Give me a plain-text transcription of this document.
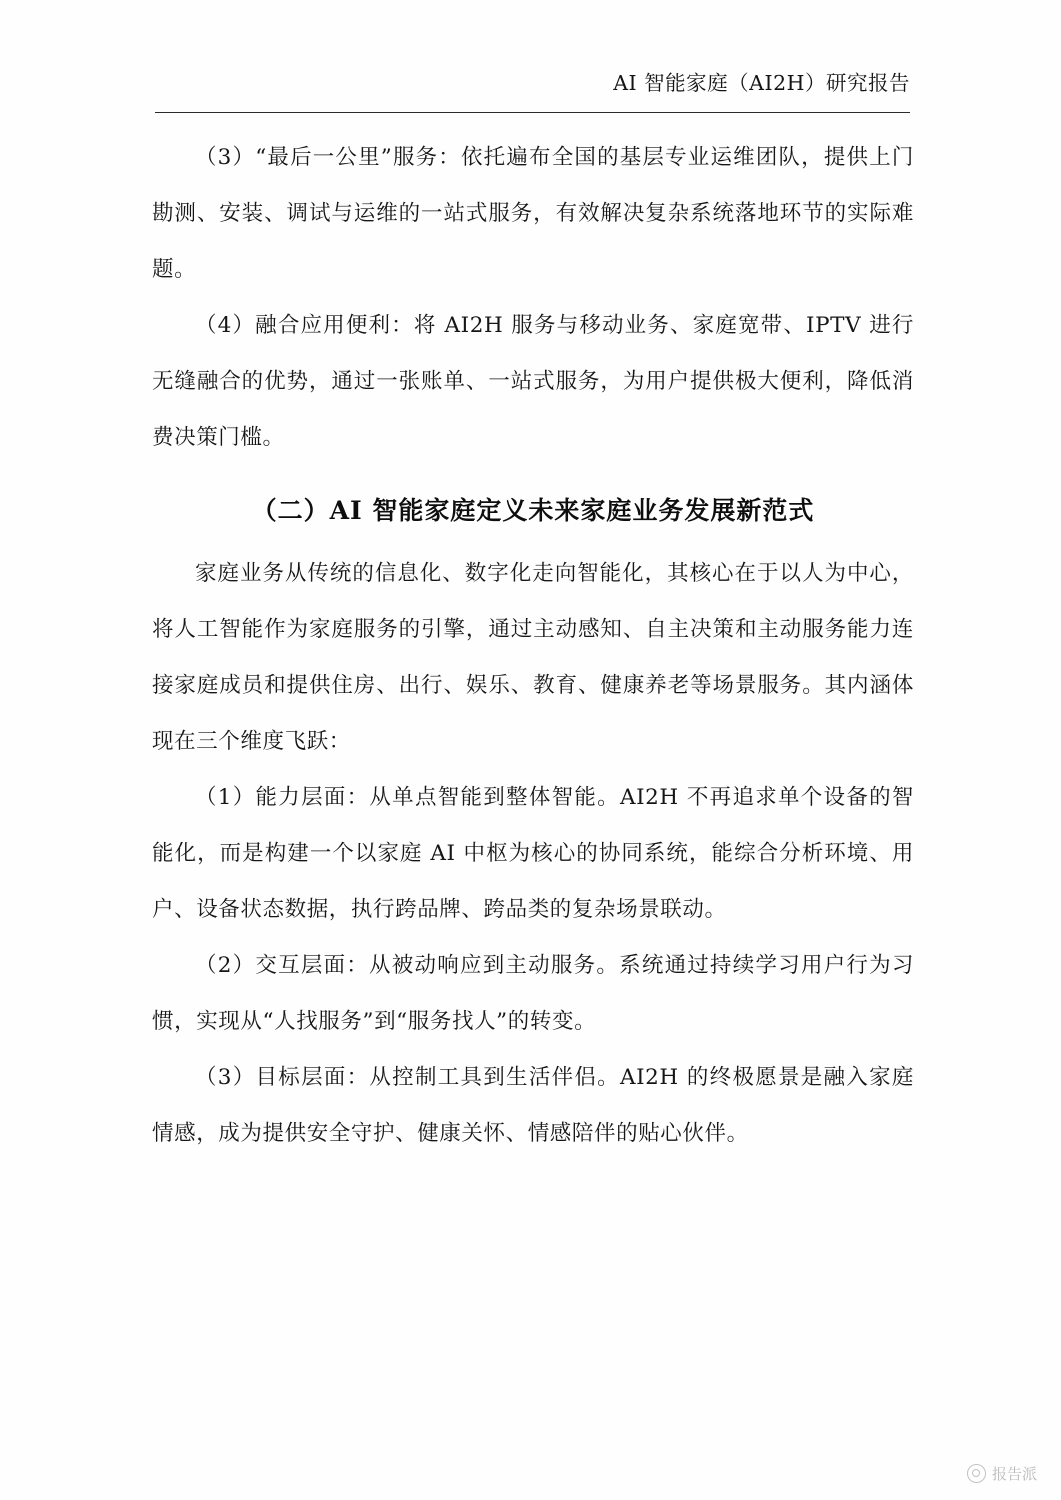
AI 智能家庭（AI2H）研究报告

（3）“最后一公里”服务：依托遍布全国的基层专业运维团队，提供上门勘测、安装、调试与运维的一站式服务，有效解决复杂系统落地环节的实际难题。

（4）融合应用便利：将 AI2H 服务与移动业务、家庭宽带、IPTV 进行无缝融合的优势，通过一张账单、一站式服务，为用户提供极大便利，降低消费决策门槛。

（二）AI 智能家庭定义未来家庭业务发展新范式

家庭业务从传统的信息化、数字化走向智能化，其核心在于以人为中心，将人工智能作为家庭服务的引擎，通过主动感知、自主决策和主动服务能力连接家庭成员和提供住房、出行、娱乐、教育、健康养老等场景服务。其内涵体现在三个维度飞跃：

（1）能力层面：从单点智能到整体智能。AI2H 不再追求单个设备的智能化，而是构建一个以家庭 AI 中枢为核心的协同系统，能综合分析环境、用户、设备状态数据，执行跨品牌、跨品类的复杂场景联动。

（2）交互层面：从被动响应到主动服务。系统通过持续学习用户行为习惯，实现从“人找服务”到“服务找人”的转变。

（3）目标层面：从控制工具到生活伴侣。AI2H 的终极愿景是融入家庭情感，成为提供安全守护、健康关怀、情感陪伴的贴心伙伴。

报告派
